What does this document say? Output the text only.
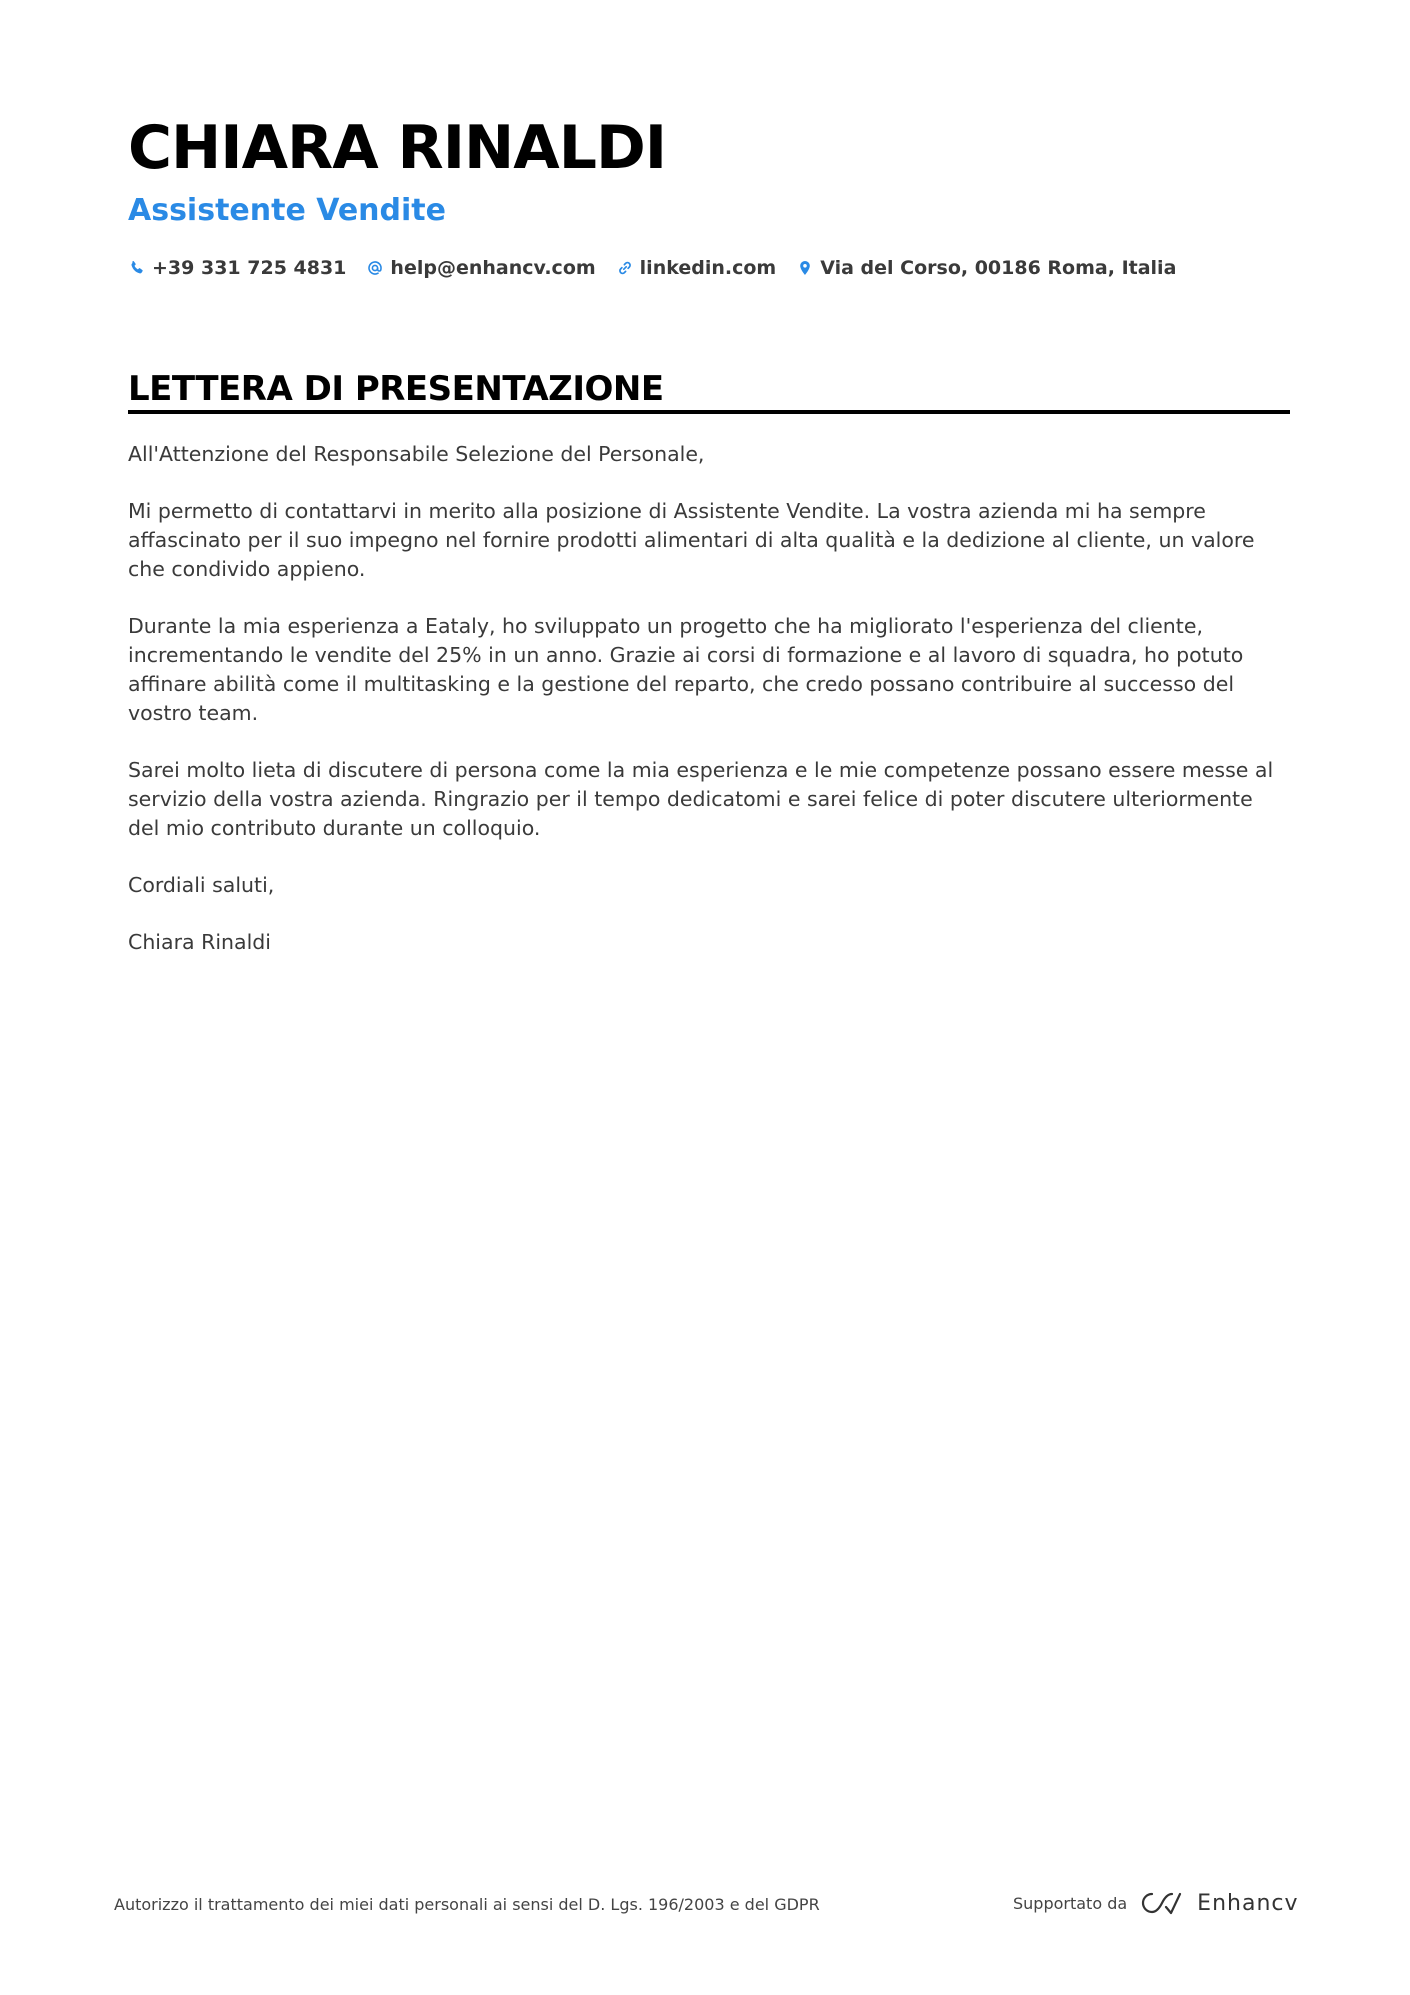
CHIARA RINALDI
Assistente Vendite
+39 331 725 4831 help@enhancv.com linkedin.com Via del Corso, 00186 Roma, Italia
LETTERA DI PRESENTAZIONE

All'Attenzione del Responsabile Selezione del Personale,

Mi permetto di contattarvi in merito alla posizione di Assistente Vendite. La vostra azienda mi ha sempre affascinato per il suo impegno nel fornire prodotti alimentari di alta qualità e la dedizione al cliente, un valore che condivido appieno.

Durante la mia esperienza a Eataly, ho sviluppato un progetto che ha migliorato l'esperienza del cliente, incrementando le vendite del 25% in un anno. Grazie ai corsi di formazione e al lavoro di squadra, ho potuto affinare abilità come il multitasking e la gestione del reparto, che credo possano contribuire al successo del vostro team.

Sarei molto lieta di discutere di persona come la mia esperienza e le mie competenze possano essere messe al servizio della vostra azienda. Ringrazio per il tempo dedicatomi e sarei felice di poter discutere ulteriormente del mio contributo durante un colloquio.

Cordiali saluti,

Chiara Rinaldi

Autorizzo il trattamento dei miei dati personali ai sensi del D. Lgs. 196/2003 e del GDPR	Supportato da	Enhancv
